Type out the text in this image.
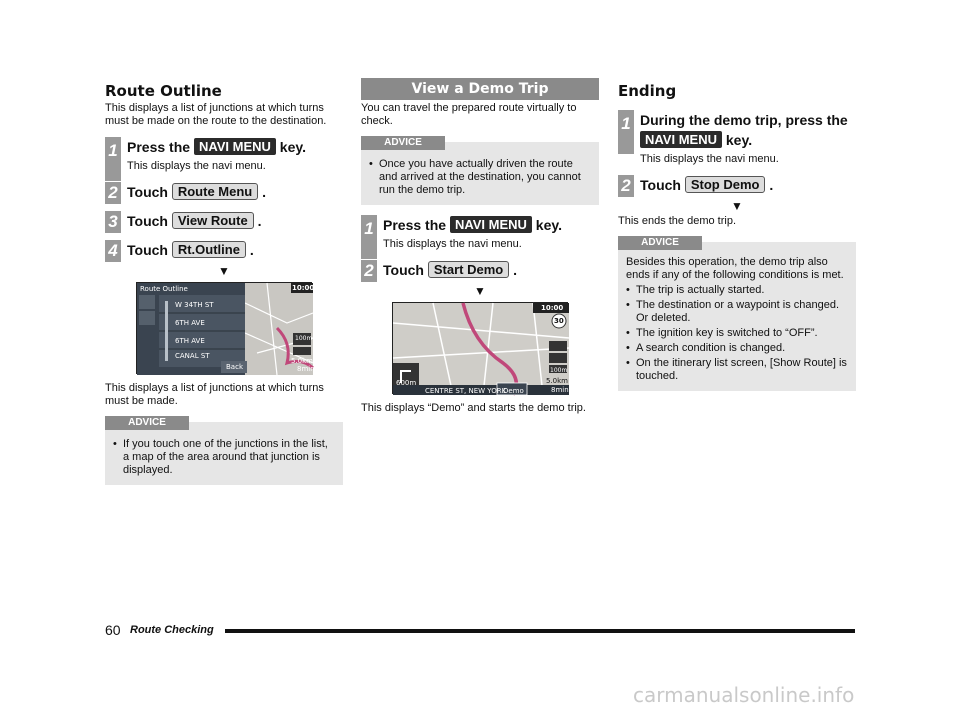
Route Outline
This displays a list of junctions at which turns must be made on the route to the destination.
1 Press the NAVI MENU key.
This displays the navi menu.
2 Touch Route Menu .
3 Touch View Route .
4 Touch Rt.Outline .
▼
Route Outline	10:00
W 34TH ST
6TH AVE
6TH AVE
CANAL ST
Back
100m
5.0km
8min
This displays a list of junctions at which turns must be made.
ADVICE
• If you touch one of the junctions in the list, a map of the area around that junction is displayed.
View a Demo Trip
You can travel the prepared route virtually to check.
ADVICE
• Once you have actually driven the route and arrived at the destination, you cannot run the demo trip.
1 Press the NAVI MENU key.
This displays the navi menu.
2 Touch Start Demo .
▼
10:00
30
600m
CENTRE ST, NEW YORK
Demo
100m
5.0km
8min
This displays “Demo” and starts the demo trip.
Ending
1 During the demo trip, press the NAVI MENU key.
This displays the navi menu.
2 Touch Stop Demo .
▼
This ends the demo trip.
ADVICE
Besides this operation, the demo trip also ends if any of the following conditions is met.
• The trip is actually started.
• The destination or a waypoint is changed. Or deleted.
• The ignition key is switched to “OFF”.
• A search condition is changed.
• On the itinerary list screen, [Show Route] is touched.
60 Route Checking
carmanualsonline.info
